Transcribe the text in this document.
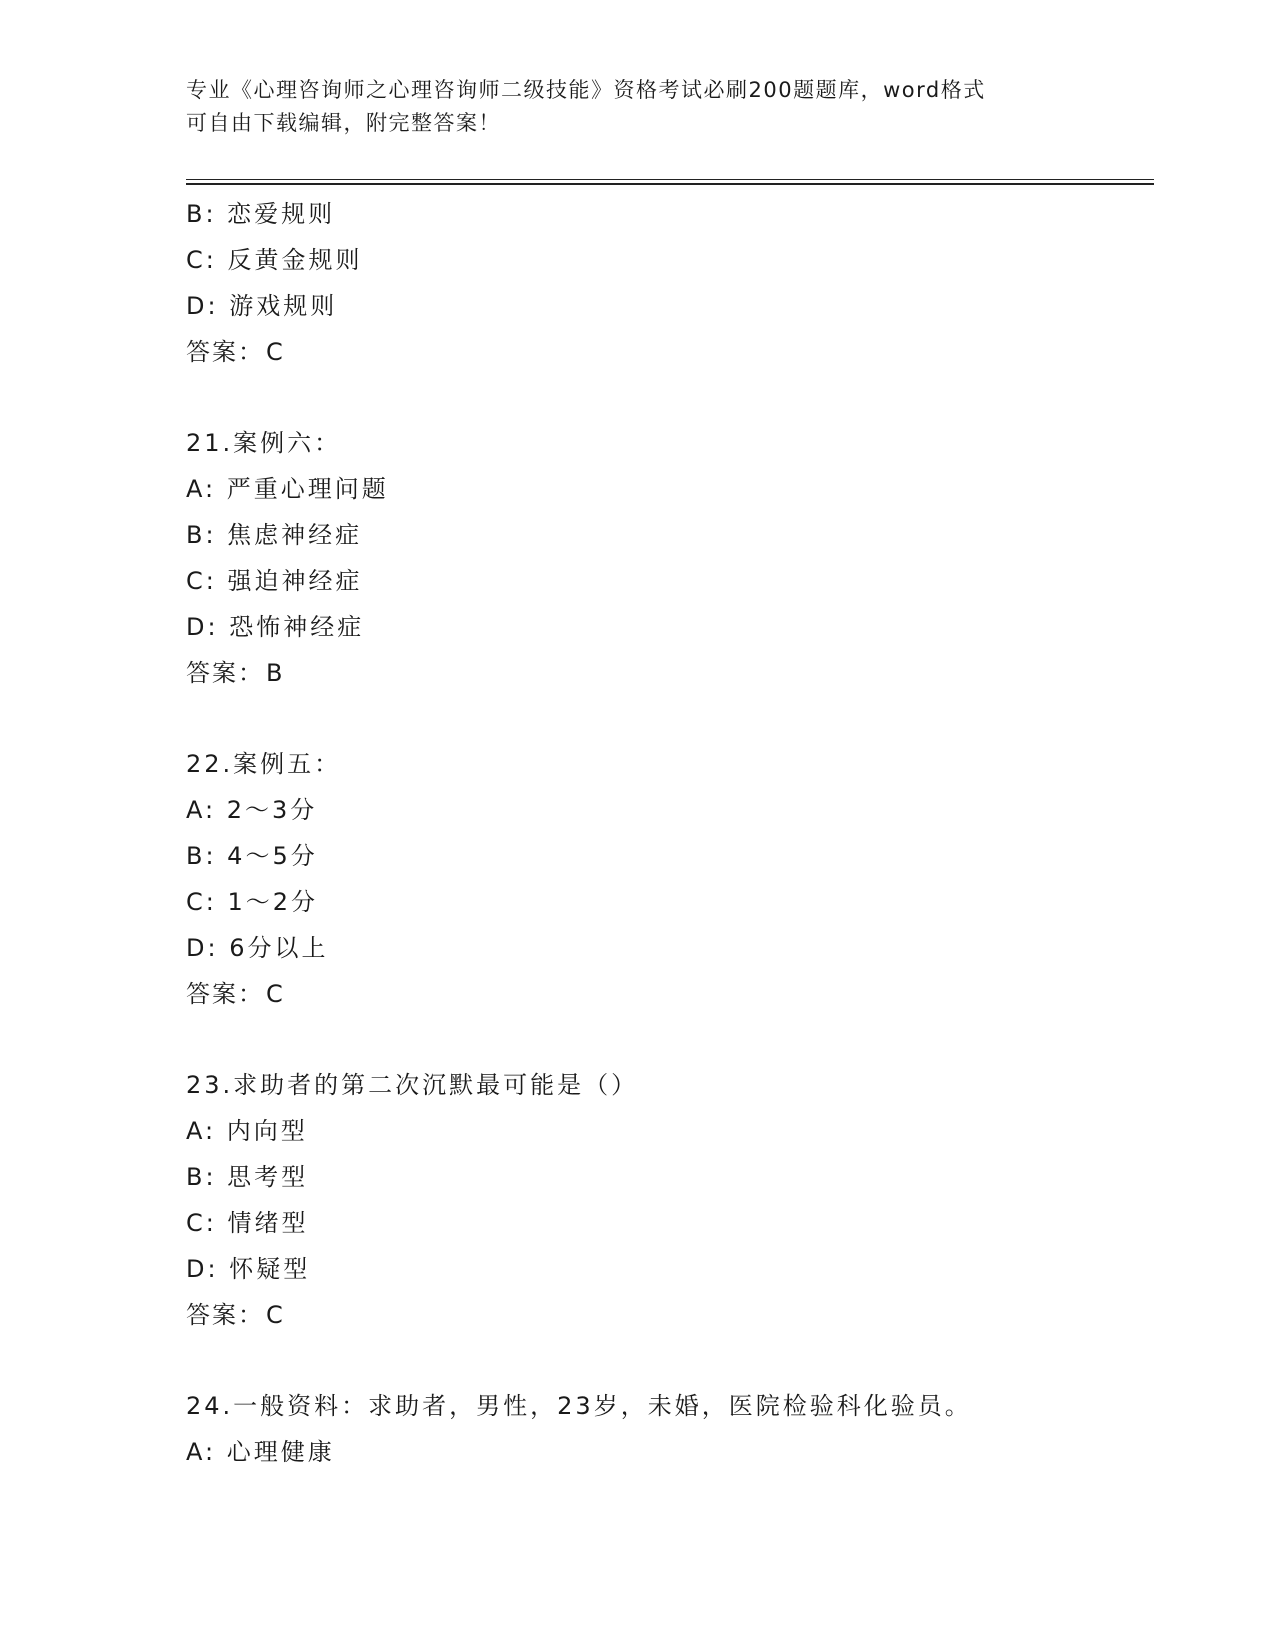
专业《心理咨询师之心理咨询师二级技能》资格考试必刷200题题库，word格式
可自由下载编辑，附完整答案！
B: 恋爱规则
C: 反黄金规则
D: 游戏规则
答案：C
21.案例六：
A: 严重心理问题
B: 焦虑神经症
C: 强迫神经症
D: 恐怖神经症
答案：B
22.案例五：
A: 2～3分
B: 4～5分
C: 1～2分
D: 6分以上
答案：C
23.求助者的第二次沉默最可能是（）
A: 内向型
B: 思考型
C: 情绪型
D: 怀疑型
答案：C
24.一般资料：求助者，男性，23岁，未婚，医院检验科化验员。
A: 心理健康
